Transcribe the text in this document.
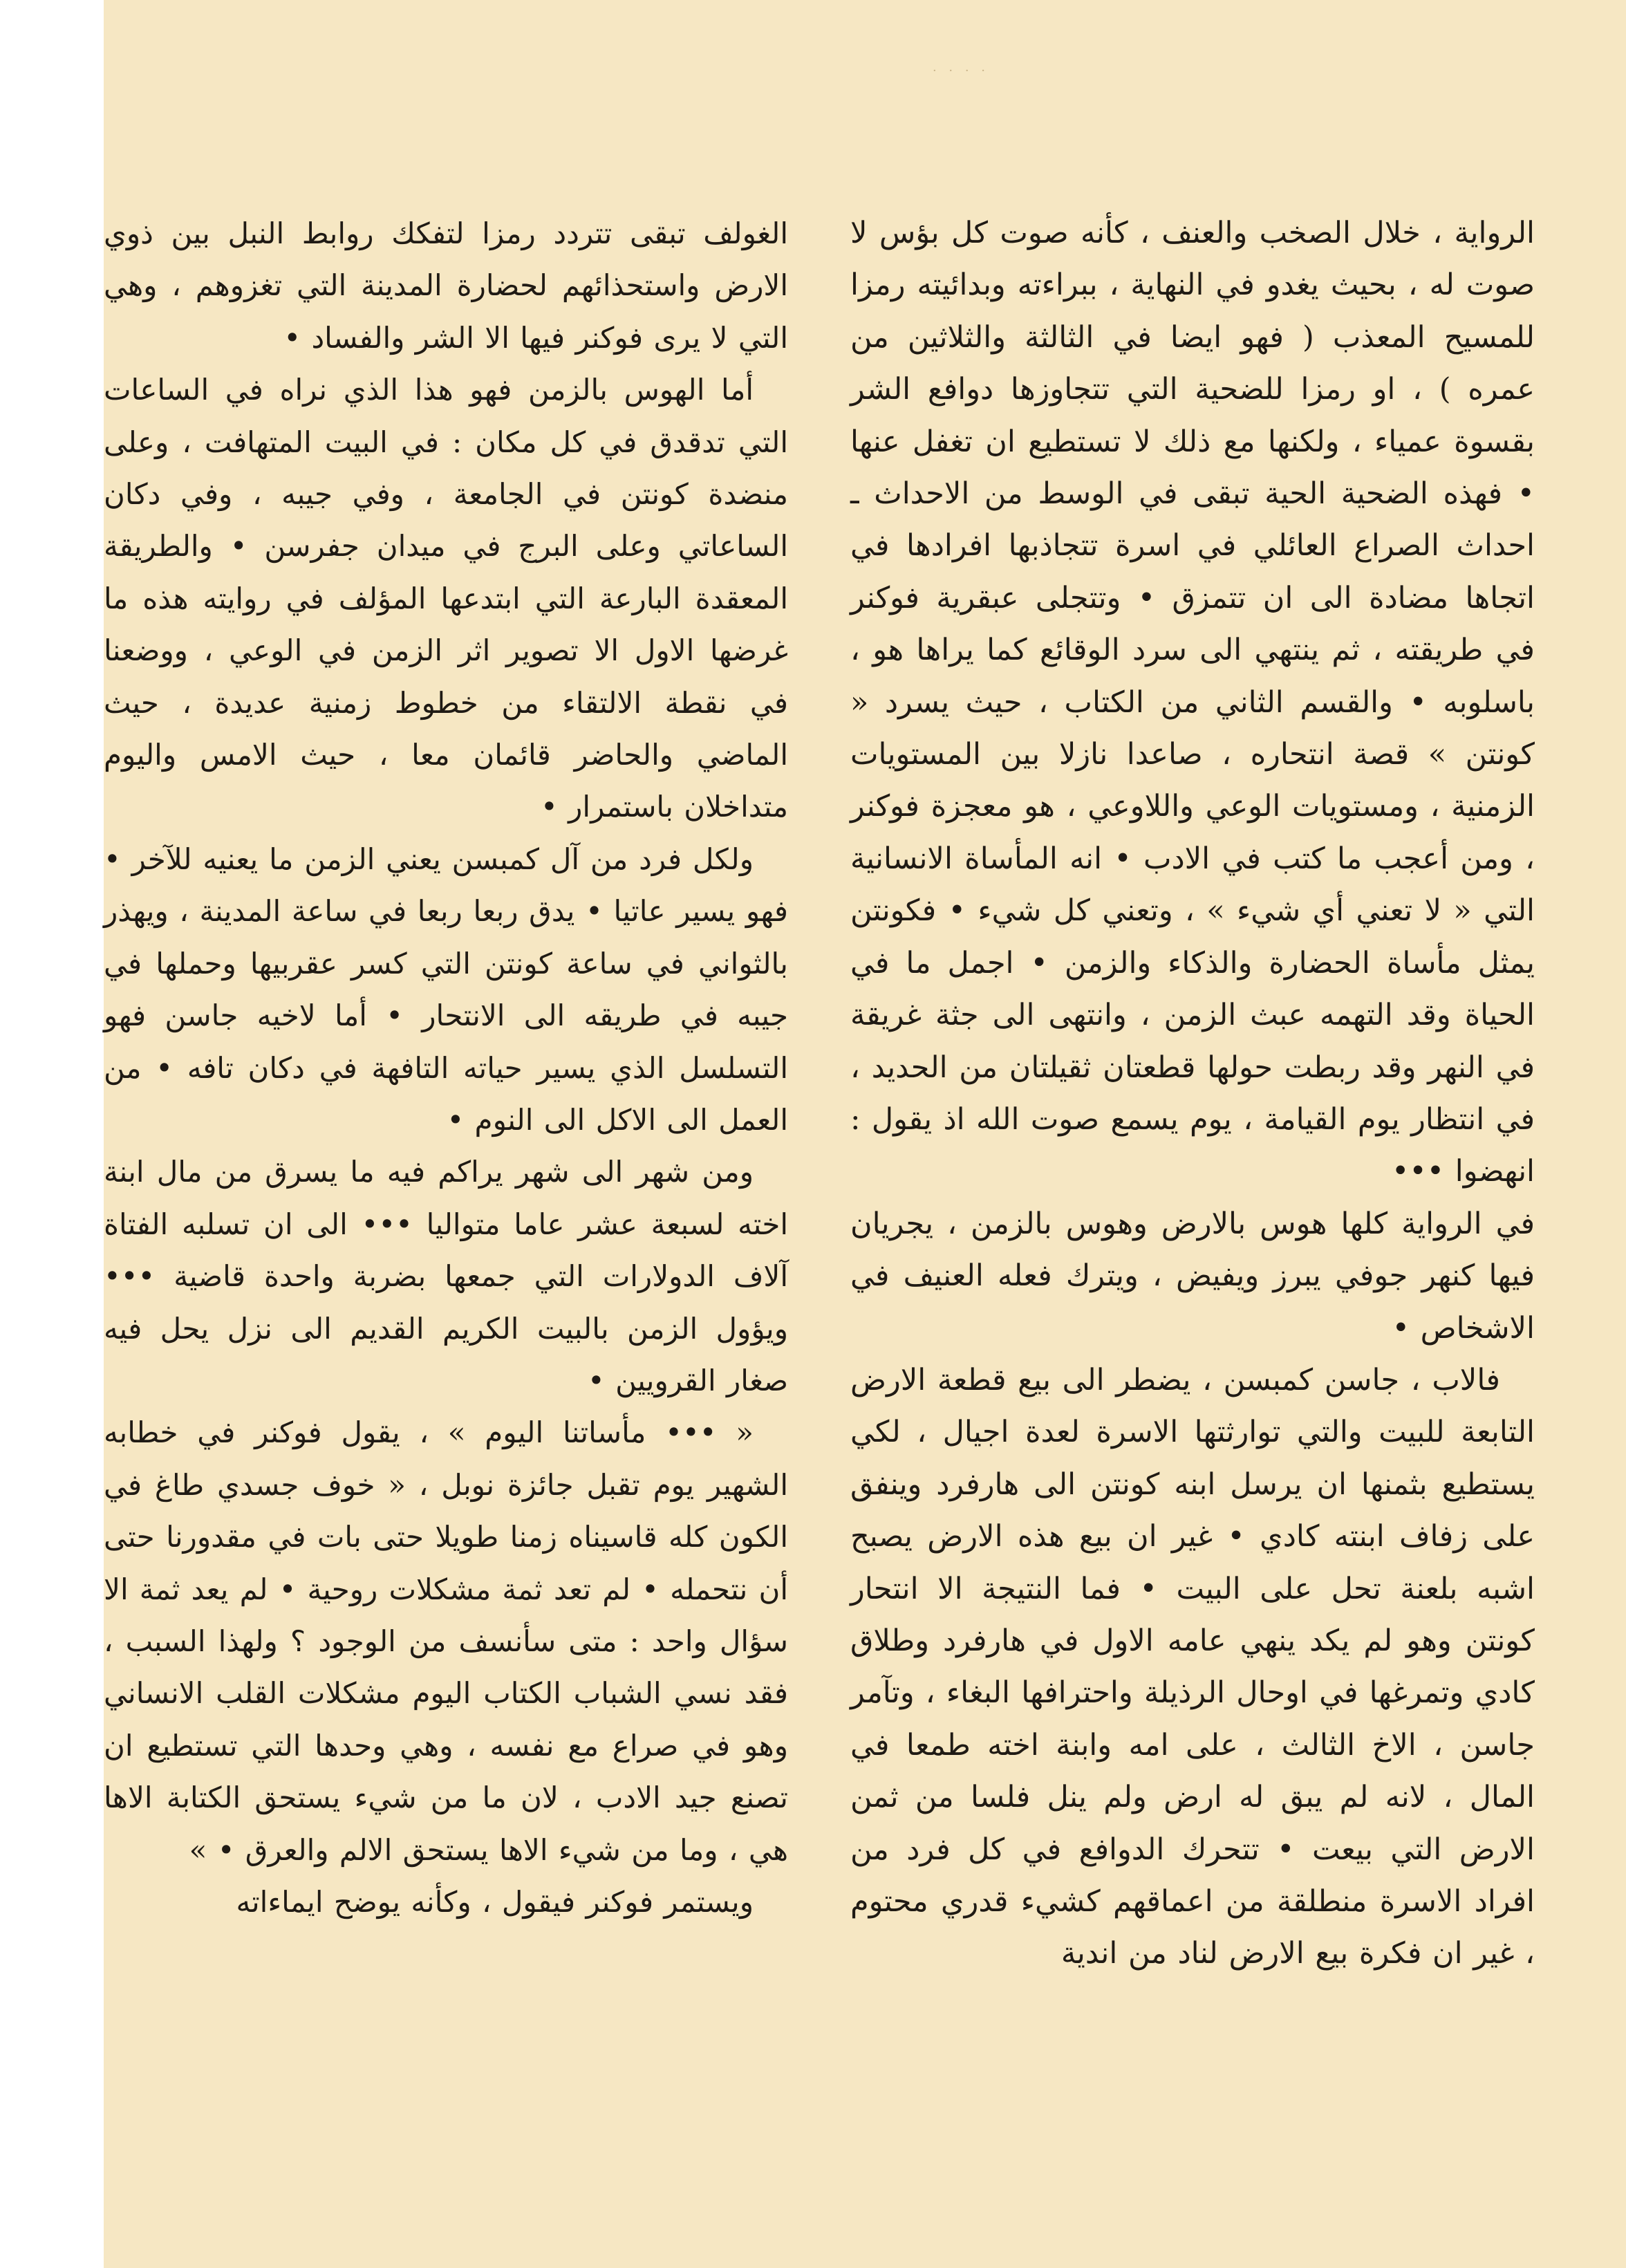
· · · ·

الرواية ، خلال الصخب والعنف ، كأنه صوت كل بؤس لا صوت له ، بحيث يغدو في النهاية ، ببراءته وبدائيته رمزا للمسيح المعذب ( فهو ايضا في الثالثة والثلاثين من عمره ) ، او رمزا للضحية التي تتجاوزها دوافع الشر بقسوة عمياء ، ولكنها مع ذلك لا تستطيع ان تغفل عنها • فهذه الضحية الحية تبقى في الوسط من الاحداث ـ احداث الصراع العائلي في اسرة تتجاذبها افرادها في اتجاها مضادة الى ان تتمزق • وتتجلى عبقرية فوكنر في طريقته ، ثم ينتهي الى سرد الوقائع كما يراها هو ، باسلوبه • والقسم الثاني من الكتاب ، حيث يسرد « كونتن » قصة انتحاره ، صاعدا نازلا بين المستويات الزمنية ، ومستويات الوعي واللاوعي ، هو معجزة فوكنر ، ومن أعجب ما كتب في الادب • انه المأساة الانسانية التي « لا تعني أي شيء » ، وتعني كل شيء • فكونتن يمثل مأساة الحضارة والذكاء والزمن • اجمل ما في الحياة وقد التهمه عبث الزمن ، وانتهى الى جثة غريقة في النهر وقد ربطت حولها قطعتان ثقيلتان من الحديد ، في انتظار يوم القيامة ، يوم يسمع صوت الله اذ يقول : انهضوا •••

في الرواية كلها هوس بالارض وهوس بالزمن ، يجريان فيها كنهر جوفي يبرز ويفيض ، ويترك فعله العنيف في الاشخاص •

فالاب ، جاسن كمبسن ، يضطر الى بيع قطعة الارض التابعة للبيت والتي توارثتها الاسرة لعدة اجيال ، لكي يستطيع بثمنها ان يرسل ابنه كونتن الى هارفرد وينفق على زفاف ابنته كادي • غير ان بيع هذه الارض يصبح اشبه بلعنة تحل على البيت • فما النتيجة الا انتحار كونتن وهو لم يكد ينهي عامه الاول في هارفرد وطلاق كادي وتمرغها في اوحال الرذيلة واحترافها البغاء ، وتآمر جاسن ، الاخ الثالث ، على امه وابنة اخته طمعا في المال ، لانه لم يبق له ارض ولم ينل فلسا من ثمن الارض التي بيعت • تتحرك الدوافع في كل فرد من افراد الاسرة منطلقة من اعماقهم كشيء قدري محتوم ، غير ان فكرة بيع الارض لناد من اندية

الغولف تبقى تتردد رمزا لتفكك روابط النبل بين ذوي الارض واستحذائهم لحضارة المدينة التي تغزوهم ، وهي التي لا يرى فوكنر فيها الا الشر والفساد •

أما الهوس بالزمن فهو هذا الذي نراه في الساعات التي تدقدق في كل مكان : في البيت المتهافت ، وعلى منضدة كونتن في الجامعة ، وفي جيبه ، وفي دكان الساعاتي وعلى البرج في ميدان جفرسن • والطريقة المعقدة البارعة التي ابتدعها المؤلف في روايته هذه ما غرضها الاول الا تصوير اثر الزمن في الوعي ، ووضعنا في نقطة الالتقاء من خطوط زمنية عديدة ، حيث الماضي والحاضر قائمان معا ، حيث الامس واليوم متداخلان باستمرار •

ولكل فرد من آل كمبسن يعني الزمن ما يعنيه للآخر • فهو يسير عاتيا • يدق ربعا ربعا في ساعة المدينة ، ويهذر بالثواني في ساعة كونتن التي كسر عقربيها وحملها في جيبه في طريقه الى الانتحار • أما لاخيه جاسن فهو التسلسل الذي يسير حياته التافهة في دكان تافه • من العمل الى الاكل الى النوم •

ومن شهر الى شهر يراكم فيه ما يسرق من مال ابنة اخته لسبعة عشر عاما متواليا ••• الى ان تسلبه الفتاة آلاف الدولارات التي جمعها بضربة واحدة قاضية ••• ويؤول الزمن بالبيت الكريم القديم الى نزل يحل فيه صغار القرويين •

« ••• مأساتنا اليوم » ، يقول فوكنر في خطابه الشهير يوم تقبل جائزة نوبل ، « خوف جسدي طاغ في الكون كله قاسيناه زمنا طويلا حتى بات في مقدورنا حتى أن نتحمله • لم تعد ثمة مشكلات روحية • لم يعد ثمة الا سؤال واحد : متى سأنسف من الوجود ؟ ولهذا السبب ، فقد نسي الشباب الكتاب اليوم مشكلات القلب الانساني وهو في صراع مع نفسه ، وهي وحدها التي تستطيع ان تصنع جيد الادب ، لان ما من شيء يستحق الكتابة الاها هي ، وما من شيء الاها يستحق الالم والعرق • »

ويستمر فوكنر فيقول ، وكأنه يوضح ايماءاته
